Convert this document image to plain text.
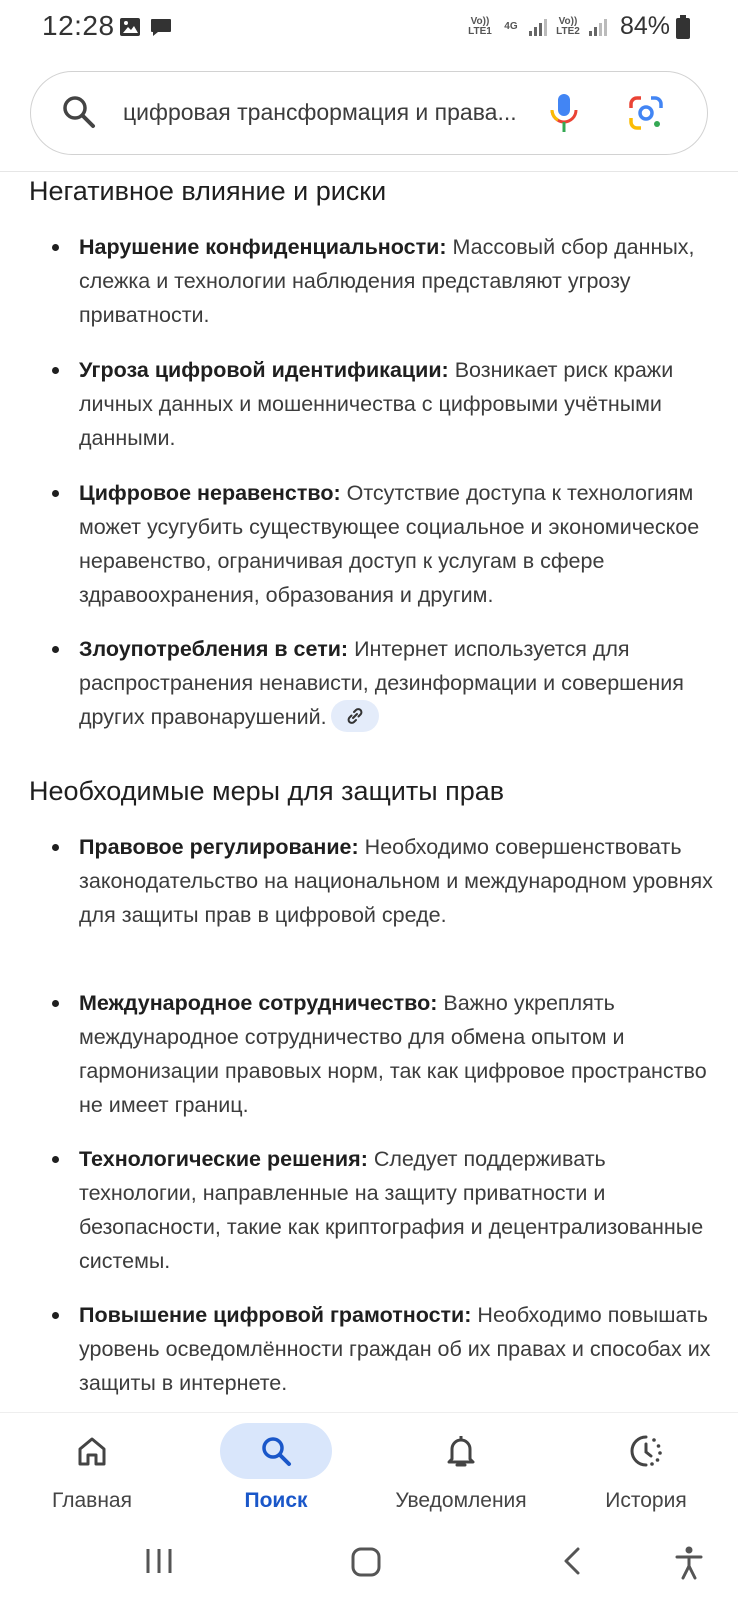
12:28	Vo)) LTE1	4G	Vo)) LTE2 84%
цифровая трансформация и права...
Негативное влияние и риски
Нарушение конфиденциальности: Массовый сбор данных, слежка и технологии наблюдения представляют угрозу приватности.
Угроза цифровой идентификации: Возникает риск кражи личных данных и мошенничества с цифровыми учётными данными.
Цифровое неравенство: Отсутствие доступа к технологиям может усугубить существующее социальное и экономическое неравенство, ограничивая доступ к услугам в сфере здравоохранения, образования и другим.
Злоупотребления в сети: Интернет используется для распространения ненависти, дезинформации и совершения других правонарушений.
Необходимые меры для защиты прав
Правовое регулирование: Необходимо совершенствовать законодательство на национальном и международном уровнях для защиты прав в цифровой среде.
Международное сотрудничество: Важно укреплять международное сотрудничество для обмена опытом и гармонизации правовых норм, так как цифровое пространство не имеет границ.
Технологические решения: Следует поддерживать технологии, направленные на защиту приватности и безопасности, такие как криптография и децентрализованные системы.
Повышение цифровой грамотности: Необходимо повышать уровень осведомлённости граждан об их правах и способах их защиты в интернете.
Главная	Поиск	Уведомления	История
